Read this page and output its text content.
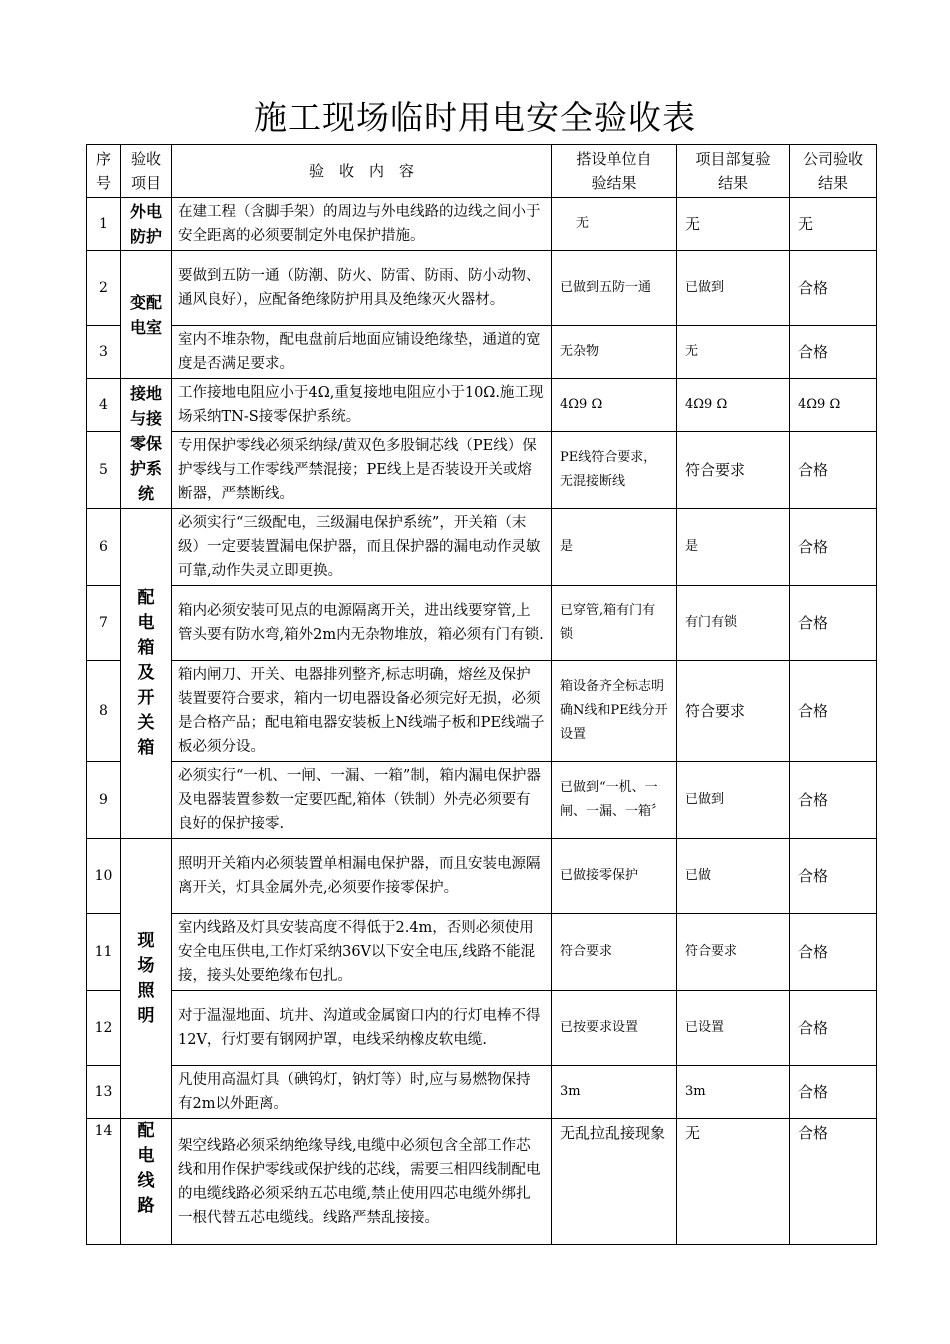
施工现场临时用电安全验收表
序号	验收项目	验　收　内　容	搭设单位自验结果	项目部复验结果	公司验收结果
1	外电防护	在建工程（含脚手架）的周边与外电线路的边线之间小于安全距离的必须要制定外电保护措施。	无	无	无
2	变配电室	要做到五防一通（防潮、防火、防雷、防雨、防小动物、通风良好），应配备绝缘防护用具及绝缘灭火器材。	已做到五防一通	已做到	合格
3		室内不堆杂物，配电盘前后地面应铺设绝缘垫，通道的宽度是否满足要求。	无杂物	无	合格
4	接地与接零保护系统	工作接地电阻应小于4Ω,重复接地电阻应小于10Ω.施工现场采纳TN-S接零保护系统。	4Ω9 Ω	4Ω9 Ω	4Ω9 Ω
5		专用保护零线必须采纳绿/黄双色多股铜芯线（PE线）保护零线与工作零线严禁混接；PE线上是否装设开关或熔断器，严禁断线。	PE线符合要求，无混接断线	符合要求	合格
6	配电箱及开关箱	必须实行“三级配电，三级漏电保护系统”，开关箱（末级）一定要装置漏电保护器，而且保护器的漏电动作灵敏可靠,动作失灵立即更换。	是	是	合格
7		箱内必须安装可见点的电源隔离开关，进出线要穿管,上管头要有防水弯,箱外2m内无杂物堆放，箱必须有门有锁.	已穿管,箱有门有锁	有门有锁	合格
8		箱内闸刀、开关、电器排列整齐,标志明确，熔丝及保护装置要符合要求，箱内一切电器设备必须完好无损，必须是合格产品；配电箱电器安装板上N线端子板和PE线端子板必须分设。	箱设备齐全标志明确N线和PE线分开设置	符合要求	合格
9		必须实行“一机、一闸、一漏、一箱”制，箱内漏电保护器及电器装置参数一定要匹配,箱体（铁制）外壳必须要有良好的保护接零.	已做到“一机、一闸、一漏、一箱〞	已做到	合格
10	现场照明	照明开关箱内必须装置单相漏电保护器，而且安装电源隔离开关，灯具金属外壳,必须要作接零保护。	已做接零保护	已做	合格
11		室内线路及灯具安装高度不得低于2.4m，否则必须使用安全电压供电,工作灯采纳36V以下安全电压,线路不能混接，接头处要绝缘布包扎。	符合要求	符合要求	合格
12		对于温湿地面、坑井、沟道或金属窗口内的行灯电棒不得12V，行灯要有钢网护罩，电线采纳橡皮软电缆.	已按要求设置	已设置	合格
13		凡使用高温灯具（碘钨灯，钠灯等）时,应与易燃物保持有2m以外距离。	3m	3m	合格
14	配电线路	架空线路必须采纳绝缘导线,电缆中必须包含全部工作芯线和用作保护零线或保护线的芯线，需要三相四线制配电的电缆线路必须采纳五芯电缆,禁止使用四芯电缆外绑扎一根代替五芯电缆线。线路严禁乱接接。	无乱拉乱接现象	无	合格
